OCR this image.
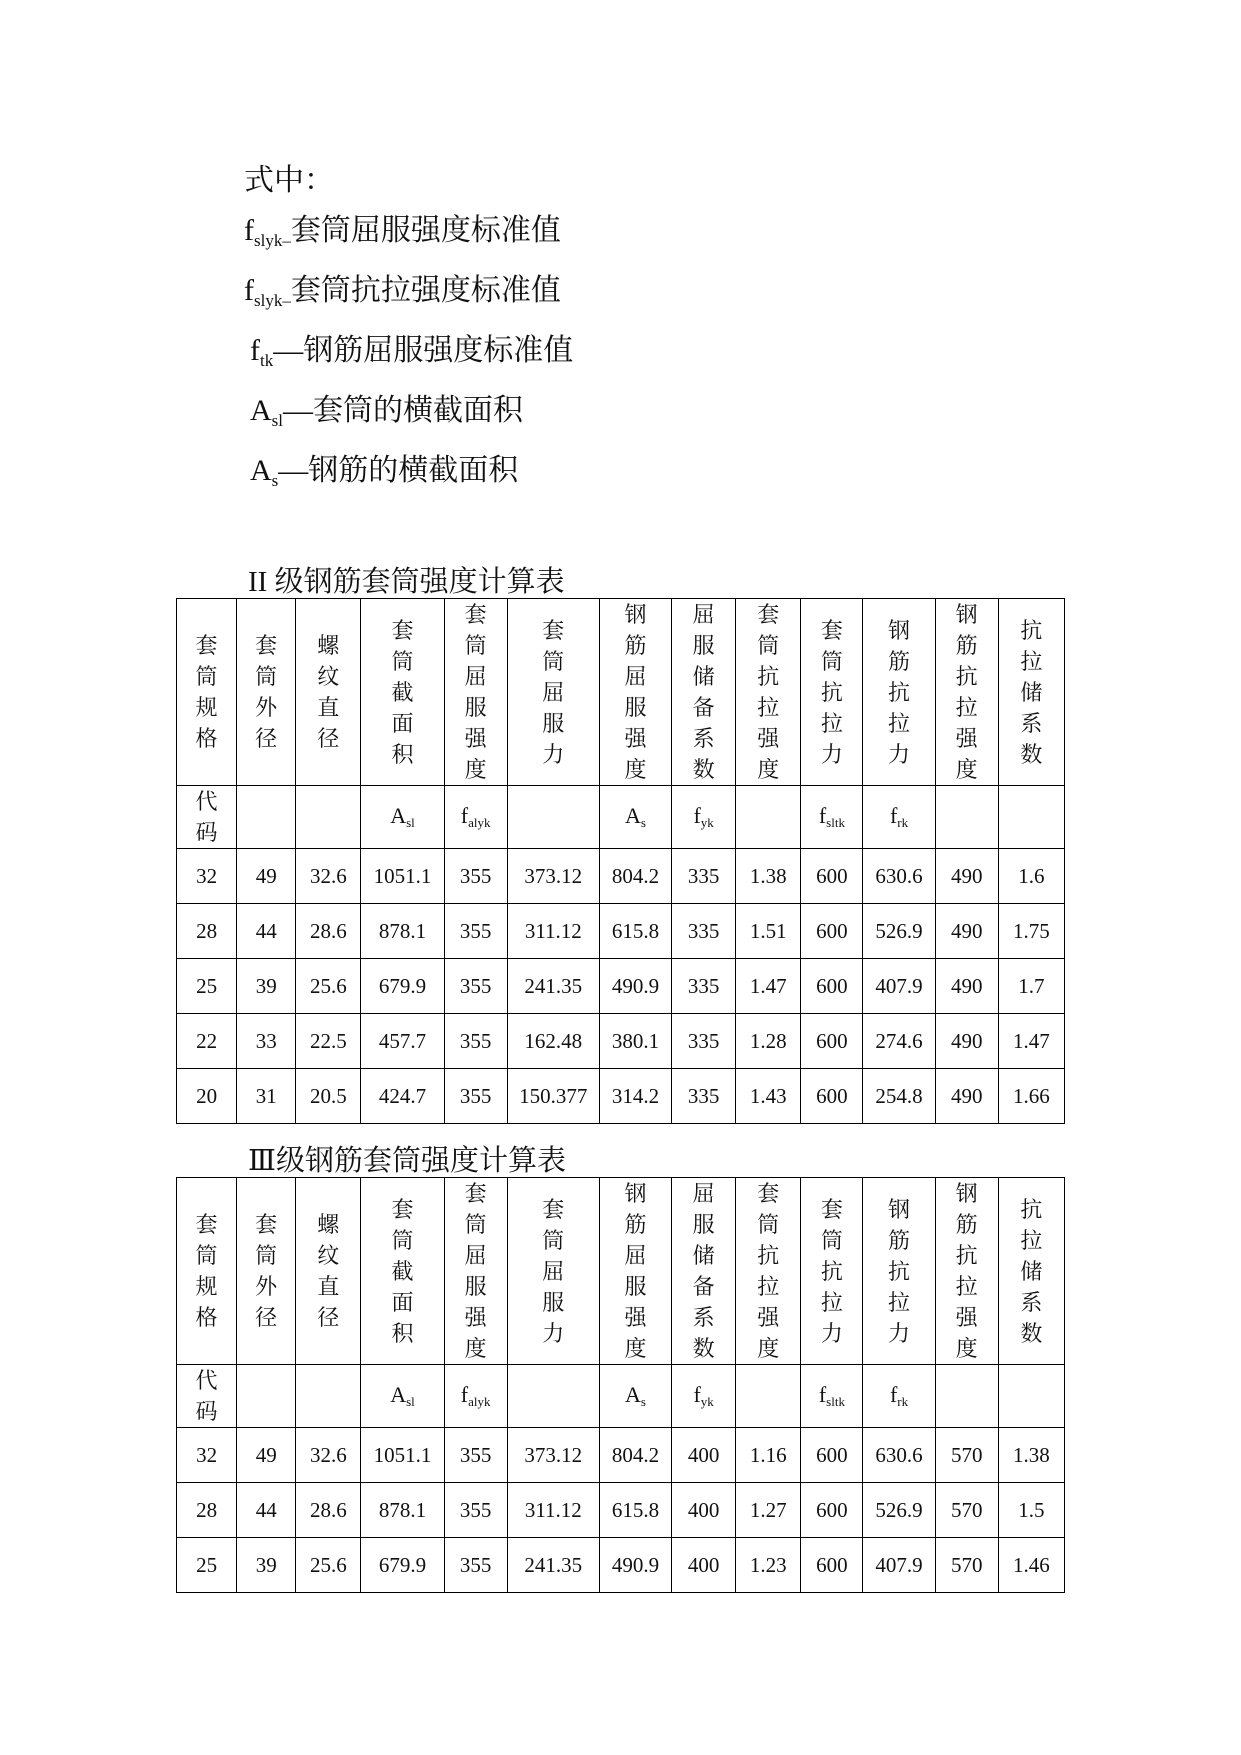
式中：
$f_{slyk-}$套筒屈服强度标准值
$f_{slyk-}$套筒抗拉强度标准值
$f_{tk}—$钢筋屈服强度标准值
$A_{sl}—$套筒的横截面积
$A_s—$钢筋的横截面积
II 级钢筋套筒强度计算表
套筒规格	套筒外径	螺纹直径	套筒截面积	套筒屈服强度	套筒屈服力	钢筋屈服强度	屈服储备系数	套筒抗拉强度	套筒抗拉力	钢筋抗拉力	钢筋抗拉强度	抗拉储系数
代码			$A_{sl}$	$f_{alyk}$		$A_s$	$f_{yk}$		$f_{sltk}$	$f_{rk}$		

32	49	32.6	1051.1	355	373.12	804.2	335	1.38	600	630.6	490	1.6

28	44	28.6	878.1	355	311.12	615.8	335	1.51	600	526.9	490	1.75

25	39	25.6	679.9	355	241.35	490.9	335	1.47	600	407.9	490	1.7

22	33	22.5	457.7	355	162.48	380.1	335	1.28	600	274.6	490	1.47

20	31	20.5	424.7	355	150.377	314.2	335	1.43	600	254.8	490	1.66
Ⅲ级钢筋套筒强度计算表
套筒规格	套筒外径	螺纹直径	套筒截面积	套筒屈服强度	套筒屈服力	钢筋屈服强度	屈服储备系数	套筒抗拉强度	套筒抗拉力	钢筋抗拉力	钢筋抗拉强度	抗拉储系数
代码			$A_{sl}$	$f_{alyk}$		$A_s$	$f_{yk}$		$f_{sltk}$	$f_{rk}$		

32	49	32.6	1051.1	355	373.12	804.2	400	1.16	600	630.6	570	1.38

28	44	28.6	878.1	355	311.12	615.8	400	1.27	600	526.9	570	1.5

25	39	25.6	679.9	355	241.35	490.9	400	1.23	600	407.9	570	1.46
